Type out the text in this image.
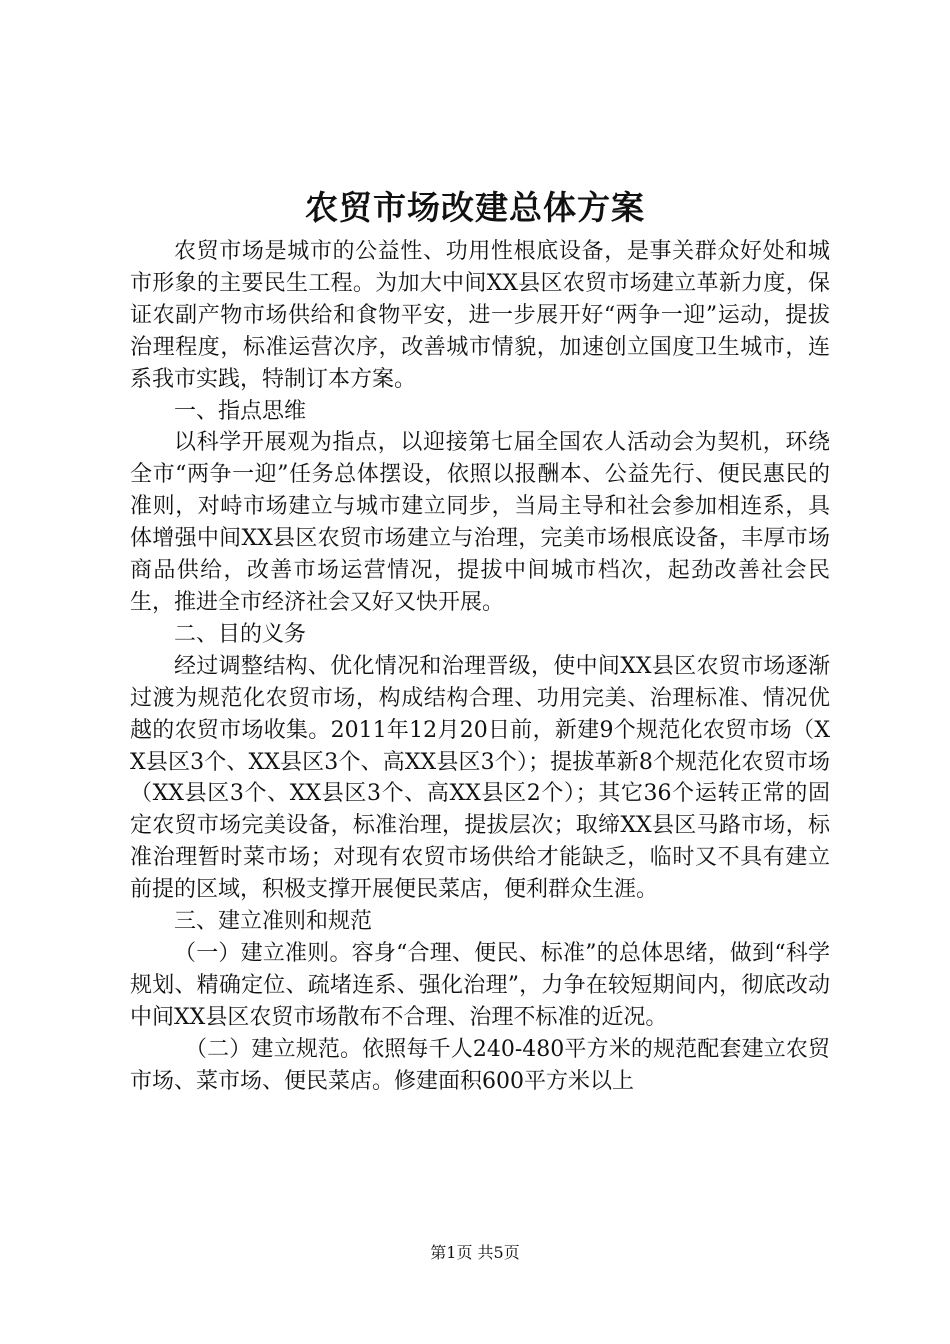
农贸市场改建总体方案

农贸市场是城市的公益性、功用性根底设备，是事关群众好处和城市形象的主要民生工程。为加大中间XX县区农贸市场建立革新力度，保证农副产物市场供给和食物平安，进一步展开好“两争一迎”运动，提拔治理程度，标准运营次序，改善城市情貌，加速创立国度卫生城市，连系我市实践，特制订本方案。

一、指点思维

以科学开展观为指点，以迎接第七届全国农人活动会为契机，环绕全市“两争一迎”任务总体摆设，依照以报酬本、公益先行、便民惠民的准则，对峙市场建立与城市建立同步，当局主导和社会参加相连系，具体增强中间XX县区农贸市场建立与治理，完美市场根底设备，丰厚市场商品供给，改善市场运营情况，提拔中间城市档次，起劲改善社会民生，推进全市经济社会又好又快开展。

二、目的义务

经过调整结构、优化情况和治理晋级，使中间XX县区农贸市场逐渐过渡为规范化农贸市场，构成结构合理、功用完美、治理标准、情况优越的农贸市场收集。2011年12月20日前，新建9个规范化农贸市场（XX县区3个、XX县区3个、高XX县区3个）；提拔革新8个规范化农贸市场（XX县区3个、XX县区3个、高XX县区2个）；其它36个运转正常的固定农贸市场完美设备，标准治理，提拔层次；取缔XX县区马路市场，标准治理暂时菜市场；对现有农贸市场供给才能缺乏，临时又不具有建立前提的区域，积极支撑开展便民菜店，便利群众生涯。

三、建立准则和规范

（一）建立准则。容身“合理、便民、标准”的总体思绪，做到“科学规划、精确定位、疏堵连系、强化治理”，力争在较短期间内，彻底改动中间XX县区农贸市场散布不合理、治理不标准的近况。

（二）建立规范。依照每千人240-480平方米的规范配套建立农贸市场、菜市场、便民菜店。修建面积600平方米以上

第1页 共5页
